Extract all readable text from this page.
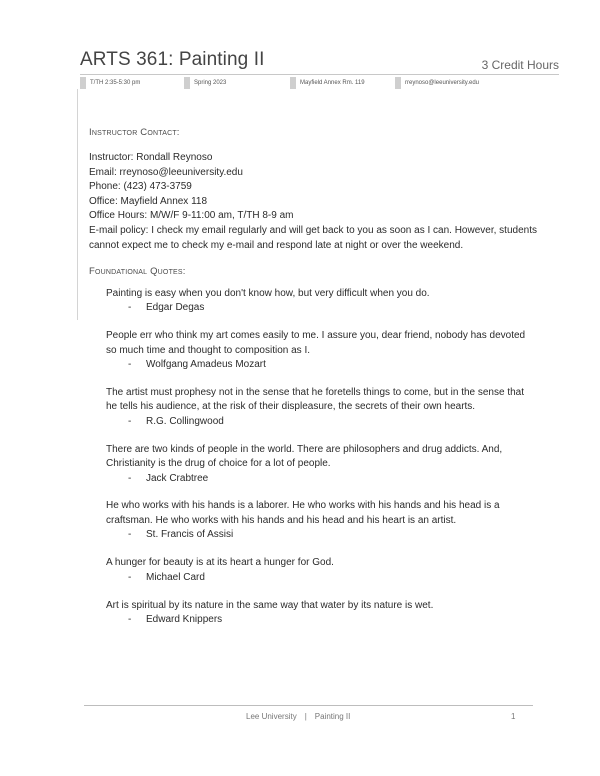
ARTS 361: Painting II	3 Credit Hours
T/TH 2:35-5:30 pm	Spring 2023	Mayfield Annex Rm. 119	rreynoso@leeuniversity.edu
Instructor Contact:
Instructor: Rondall Reynoso
Email: rreynoso@leeuniversity.edu
Phone: (423) 473-3759
Office: Mayfield Annex 118
Office Hours: M/W/F 9-11:00 am, T/TH 8-9 am
E-mail policy: I check my email regularly and will get back to you as soon as I can. However, students cannot expect me to check my e-mail and respond late at night or over the weekend.
Foundational Quotes:
Painting is easy when you don't know how, but very difficult when you do.
- Edgar Degas
People err who think my art comes easily to me. I assure you, dear friend, nobody has devoted so much time and thought to composition as I.
- Wolfgang Amadeus Mozart
The artist must prophesy not in the sense that he foretells things to come, but in the sense that he tells his audience, at the risk of their displeasure, the secrets of their own hearts.
- R.G. Collingwood
There are two kinds of people in the world. There are philosophers and drug addicts. And, Christianity is the drug of choice for a lot of people.
- Jack Crabtree
He who works with his hands is a laborer. He who works with his hands and his head is a craftsman. He who works with his hands and his head and his heart is an artist.
- St. Francis of Assisi
A hunger for beauty is at its heart a hunger for God.
- Michael Card
Art is spiritual by its nature in the same way that water by its nature is wet.
- Edward Knippers
Lee University | Painting II	1
